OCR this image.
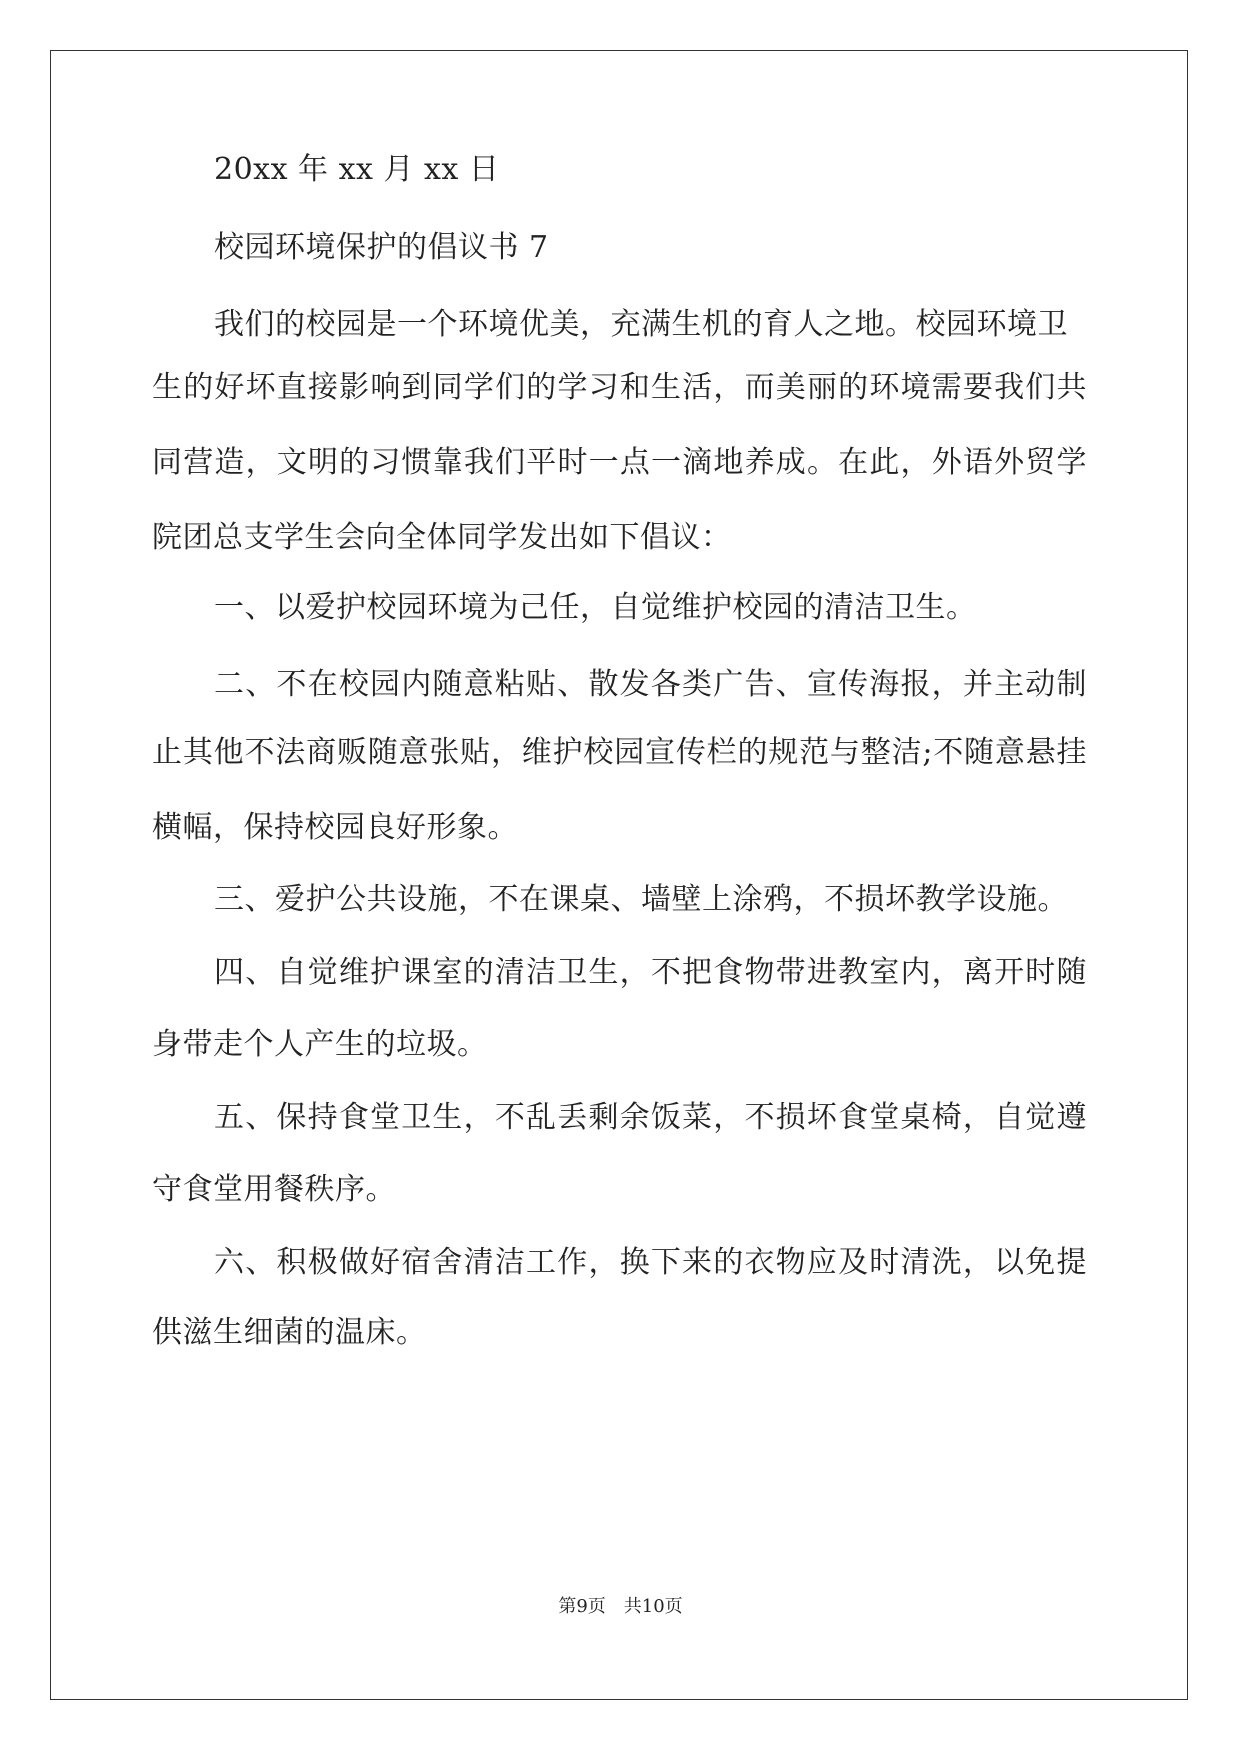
20xx 年 xx 月 xx 日
校园环境保护的倡议书 7
我们的校园是一个环境优美，充满生机的育人之地。校园环境卫
生的好坏直接影响到同学们的学习和生活，而美丽的环境需要我们共
同营造，文明的习惯靠我们平时一点一滴地养成。在此，外语外贸学
院团总支学生会向全体同学发出如下倡议：
一、以爱护校园环境为己任，自觉维护校园的清洁卫生。
二、不在校园内随意粘贴、散发各类广告、宣传海报，并主动制
止其他不法商贩随意张贴，维护校园宣传栏的规范与整洁;不随意悬挂
横幅，保持校园良好形象。
三、爱护公共设施，不在课桌、墙壁上涂鸦，不损坏教学设施。
四、自觉维护课室的清洁卫生，不把食物带进教室内，离开时随
身带走个人产生的垃圾。
五、保持食堂卫生，不乱丢剩余饭菜，不损坏食堂桌椅，自觉遵
守食堂用餐秩序。
六、积极做好宿舍清洁工作，换下来的衣物应及时清洗，以免提
供滋生细菌的温床。
第9页　共10页
